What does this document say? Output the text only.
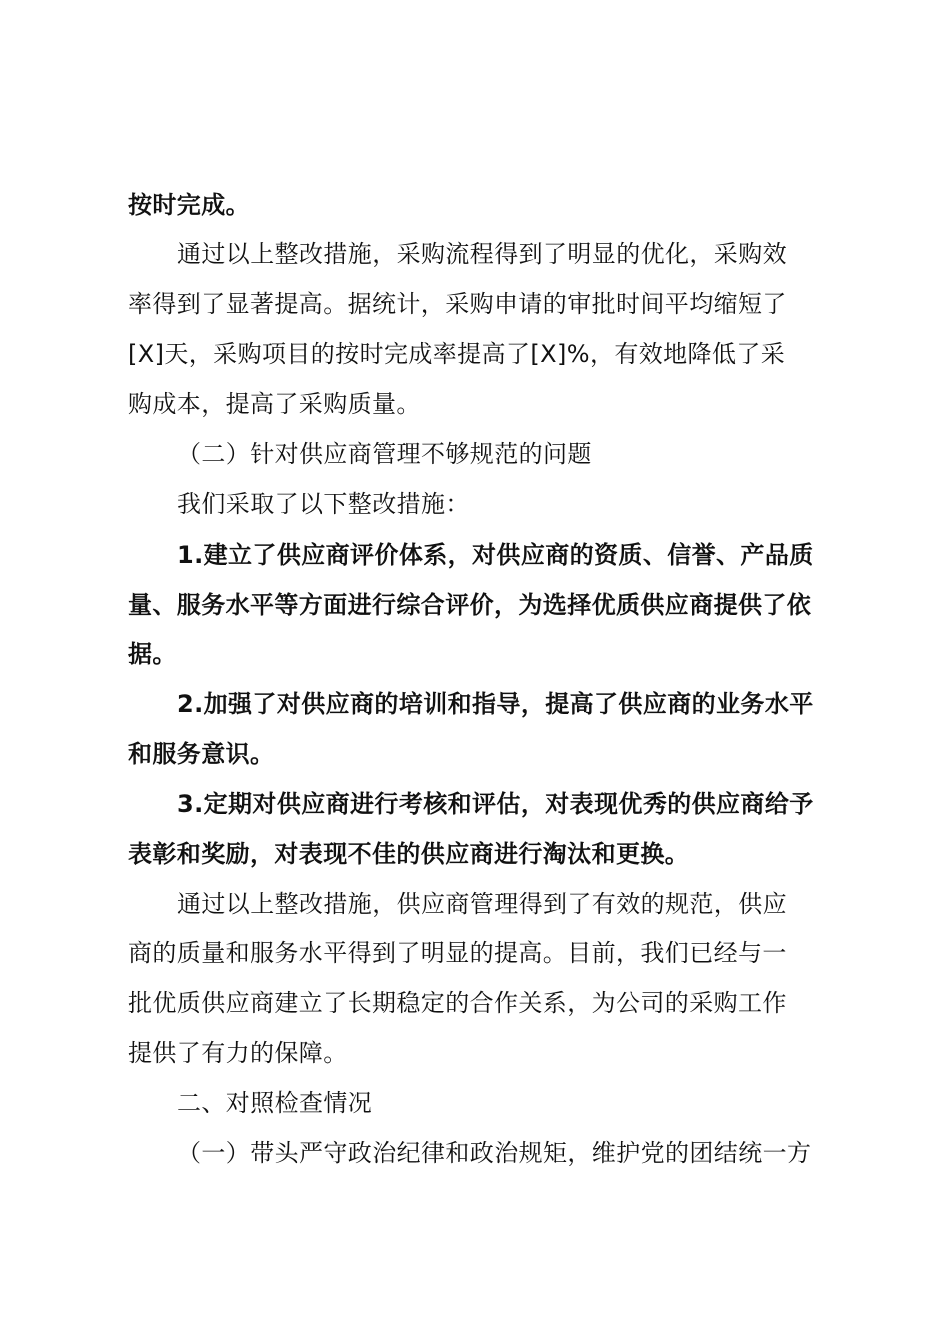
按时完成。
通过以上整改措施，采购流程得到了明显的优化，采购效
率得到了显著提高。据统计，采购申请的审批时间平均缩短了
[X]天，采购项目的按时完成率提高了[X]%，有效地降低了采
购成本，提高了采购质量。
（二）针对供应商管理不够规范的问题
我们采取了以下整改措施：
1.建立了供应商评价体系，对供应商的资质、信誉、产品质
量、服务水平等方面进行综合评价，为选择优质供应商提供了依
据。
2.加强了对供应商的培训和指导，提高了供应商的业务水平
和服务意识。
3.定期对供应商进行考核和评估，对表现优秀的供应商给予
表彰和奖励，对表现不佳的供应商进行淘汰和更换。
通过以上整改措施，供应商管理得到了有效的规范，供应
商的质量和服务水平得到了明显的提高。目前，我们已经与一
批优质供应商建立了长期稳定的合作关系，为公司的采购工作
提供了有力的保障。
二、对照检查情况
（一）带头严守政治纪律和政治规矩，维护党的团结统一方
